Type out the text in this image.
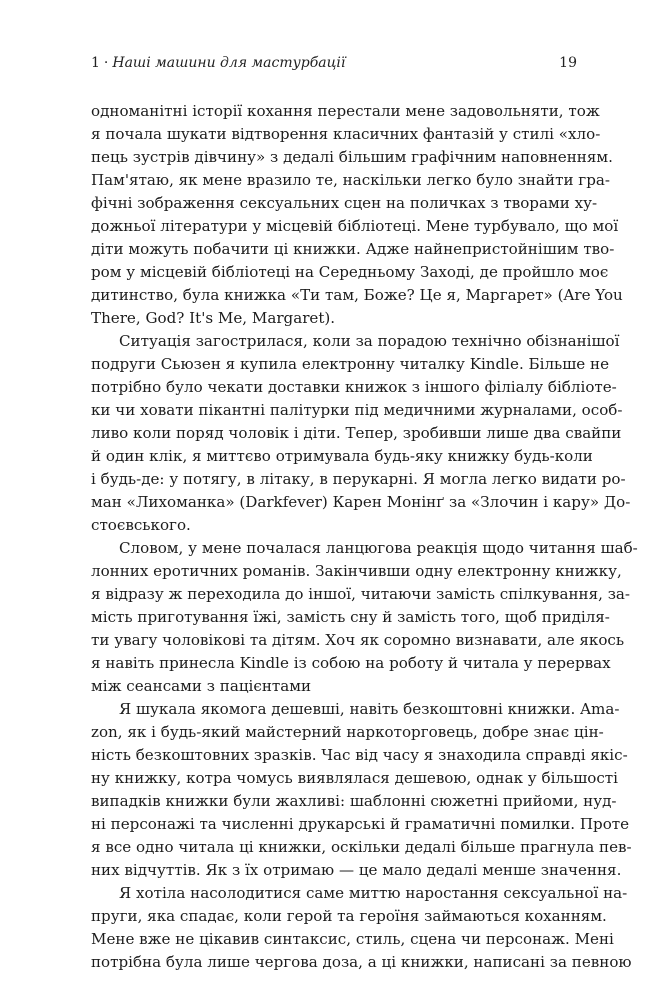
1 · Наші машини для мастурбації	19
одноманітні історії кохання перестали мене задовольняти, тож
я почала шукати відтворення класичних фантазій у стилі «хло-
пець зустрів дівчину» з дедалі більшим графічним наповненням.
Пам'ятаю, як мене вразило те, наскільки легко було знайти гра-
фічні зображення сексуальних сцен на поличках з творами ху-
дожньої літератури у місцевій бібліотеці. Мене турбувало, що мої
діти можуть побачити ці книжки. Адже найнепристойнішим тво-
ром у місцевій бібліотеці на Середньому Заході, де пройшло моє
дитинство, була книжка «Ти там, Боже? Це я, Маргарет» (Are You
There, God? It's Me, Margaret).
Ситуація загострилася, коли за порадою технічно обізнанішої
подруги Сьюзен я купила електронну читалку Kindle. Більше не
потрібно було чекати доставки книжок з іншого філіалу бібліоте-
ки чи ховати пікантні палітурки під медичними журналами, особ-
ливо коли поряд чоловік і діти. Тепер, зробивши лише два свайпи
й один клік, я миттєво отримувала будь-яку книжку будь-коли
і будь-де: у потягу, в літаку, в перукарні. Я могла легко видати ро-
ман «Лихоманка» (Darkfever) Карен Монінґ за «Злочин і кару» До-
стоєвського.
Словом, у мене почалася ланцюгова реакція щодо читання шаб-
лонних еротичних романів. Закінчивши одну електронну книжку,
я відразу ж переходила до іншої, читаючи замість спілкування, за-
мість приготування їжі, замість сну й замість того, щоб приділя-
ти увагу чоловікові та дітям. Хоч як соромно визнавати, але якось
я навіть принесла Kindle із собою на роботу й читала у перервах
між сеансами з пацієнтами
Я шукала якомога дешевші, навіть безкоштовні книжки. Ama-
zon, як і будь-який майстерний наркоторговець, добре знає цін-
ність безкоштовних зразків. Час від часу я знаходила справді якіс-
ну книжку, котра чомусь виявлялася дешевою, однак у більшості
випадків книжки були жахливі: шаблонні сюжетні прийоми, нуд-
ні персонажі та численні друкарські й граматичні помилки. Проте
я все одно читала ці книжки, оскільки дедалі більше прагнула пев-
них відчуттів. Як з їх отримаю — це мало дедалі менше значення.
Я хотіла насолодитися саме миттю наростання сексуальної на-
пруги, яка спадає, коли герой та героїня займаються коханням.
Мене вже не цікавив синтаксис, стиль, сцена чи персонаж. Мені
потрібна була лише чергова доза, а ці книжки, написані за певною
